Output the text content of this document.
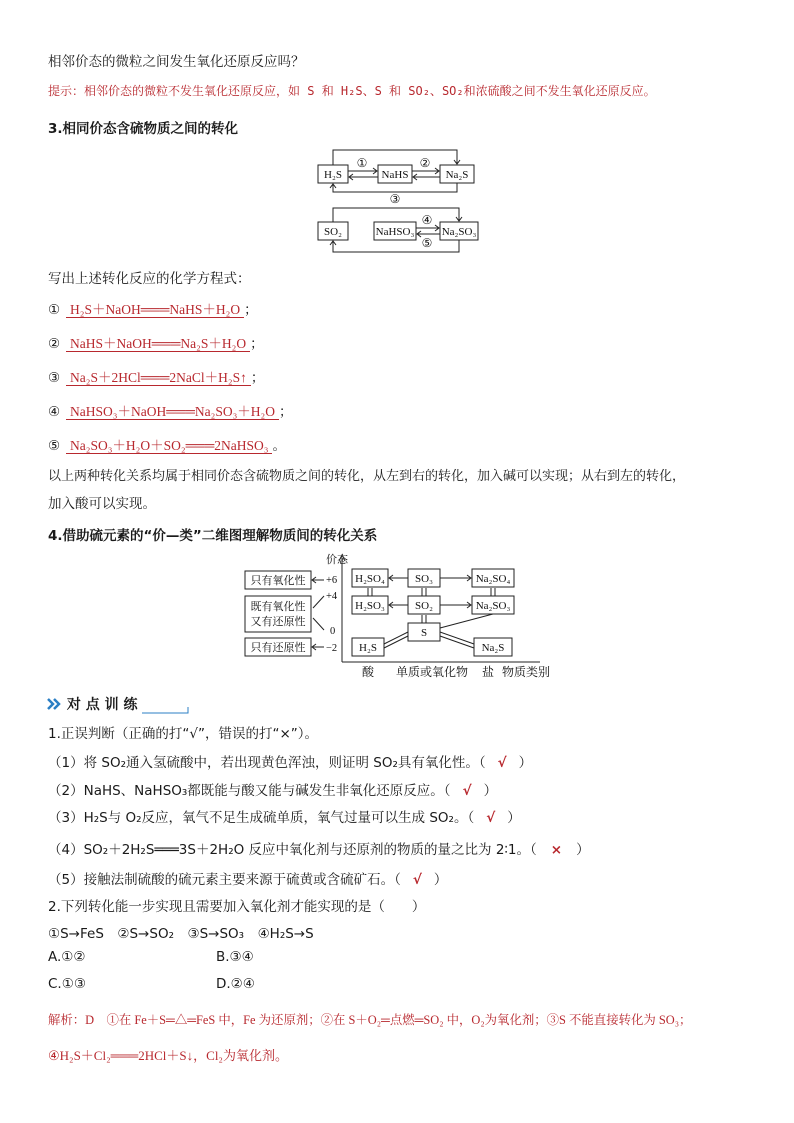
相邻价态的微粒之间发生氧化还原反应吗？
提示：相邻价态的微粒不发生氧化还原反应，如 S 和 H₂S、S 和 SO₂、SO₂和浓硫酸之间不发生氧化还原反应。
3.相同价态含硫物质之间的转化
H₂S	NaHS	Na₂S
①	②
③
SO₂	NaHSO₃ Na₂SO₃
④
⑤
写出上述转化反应的化学方程式：
① H₂S＋NaOH═══NaHS＋H₂O ；
② NaHS＋NaOH═══Na₂S＋H₂O ；
③ Na₂S＋2HCl═══2NaCl＋H₂S↑ ；
④ NaHSO₃＋NaOH═══Na₂SO₃＋H₂O ；
⑤ Na₂SO₃＋H₂O＋SO₂═══2NaHSO₃ 。
以上两种转化关系均属于相同价态含硫物质之间的转化，从左到右的转化，加入碱可以实现；从右到左的转化，
加入酸可以实现。
4.借助硫元素的“价—类”二维图理解物质间的转化关系
只有氧化性
既有氧化性
又有还原性
只有还原性
+6
+4
0
−2
价态
H₂SO₄	SO₃	Na₂SO₄
H₂SO₃	SO₂	Na₂SO₃
S
H₂S	Na₂S
酸 单质或氧化物 盐 物质类别
对 点 训 练
1.正误判断（正确的打“√”，错误的打“×”）。
（1）将 SO₂通入氢硫酸中，若出现黄色浑浊，则证明 SO₂具有氧化性。（ √ ）
（2）NaHS、NaHSO₃都既能与酸又能与碱发生非氧化还原反应。（ √ ）
（3）H₂S与 O₂反应，氧气不足生成硫单质，氧气过量可以生成 SO₂。（ √ ）
（4）SO₂＋2H₂S═══3S＋2H₂O 反应中氧化剂与还原剂的物质的量之比为 2∶1。（ × ）
（5）接触法制硫酸的硫元素主要来源于硫黄或含硫矿石。（ √ ）
2.下列转化能一步实现且需要加入氧化剂才能实现的是（　　）
①S→FeS　②S→SO₂　③S→SO₃　④H₂S→S
A.①②	B.③④
C.①③	D.②④
解析：D　①在 Fe＋S═△═FeS 中，Fe 为还原剂；②在 S＋O₂═点燃═SO₂ 中，O₂为氧化剂；③S 不能直接转化为 SO₃；
④H₂S＋Cl₂═══2HCl＋S↓，Cl₂为氧化剂。
